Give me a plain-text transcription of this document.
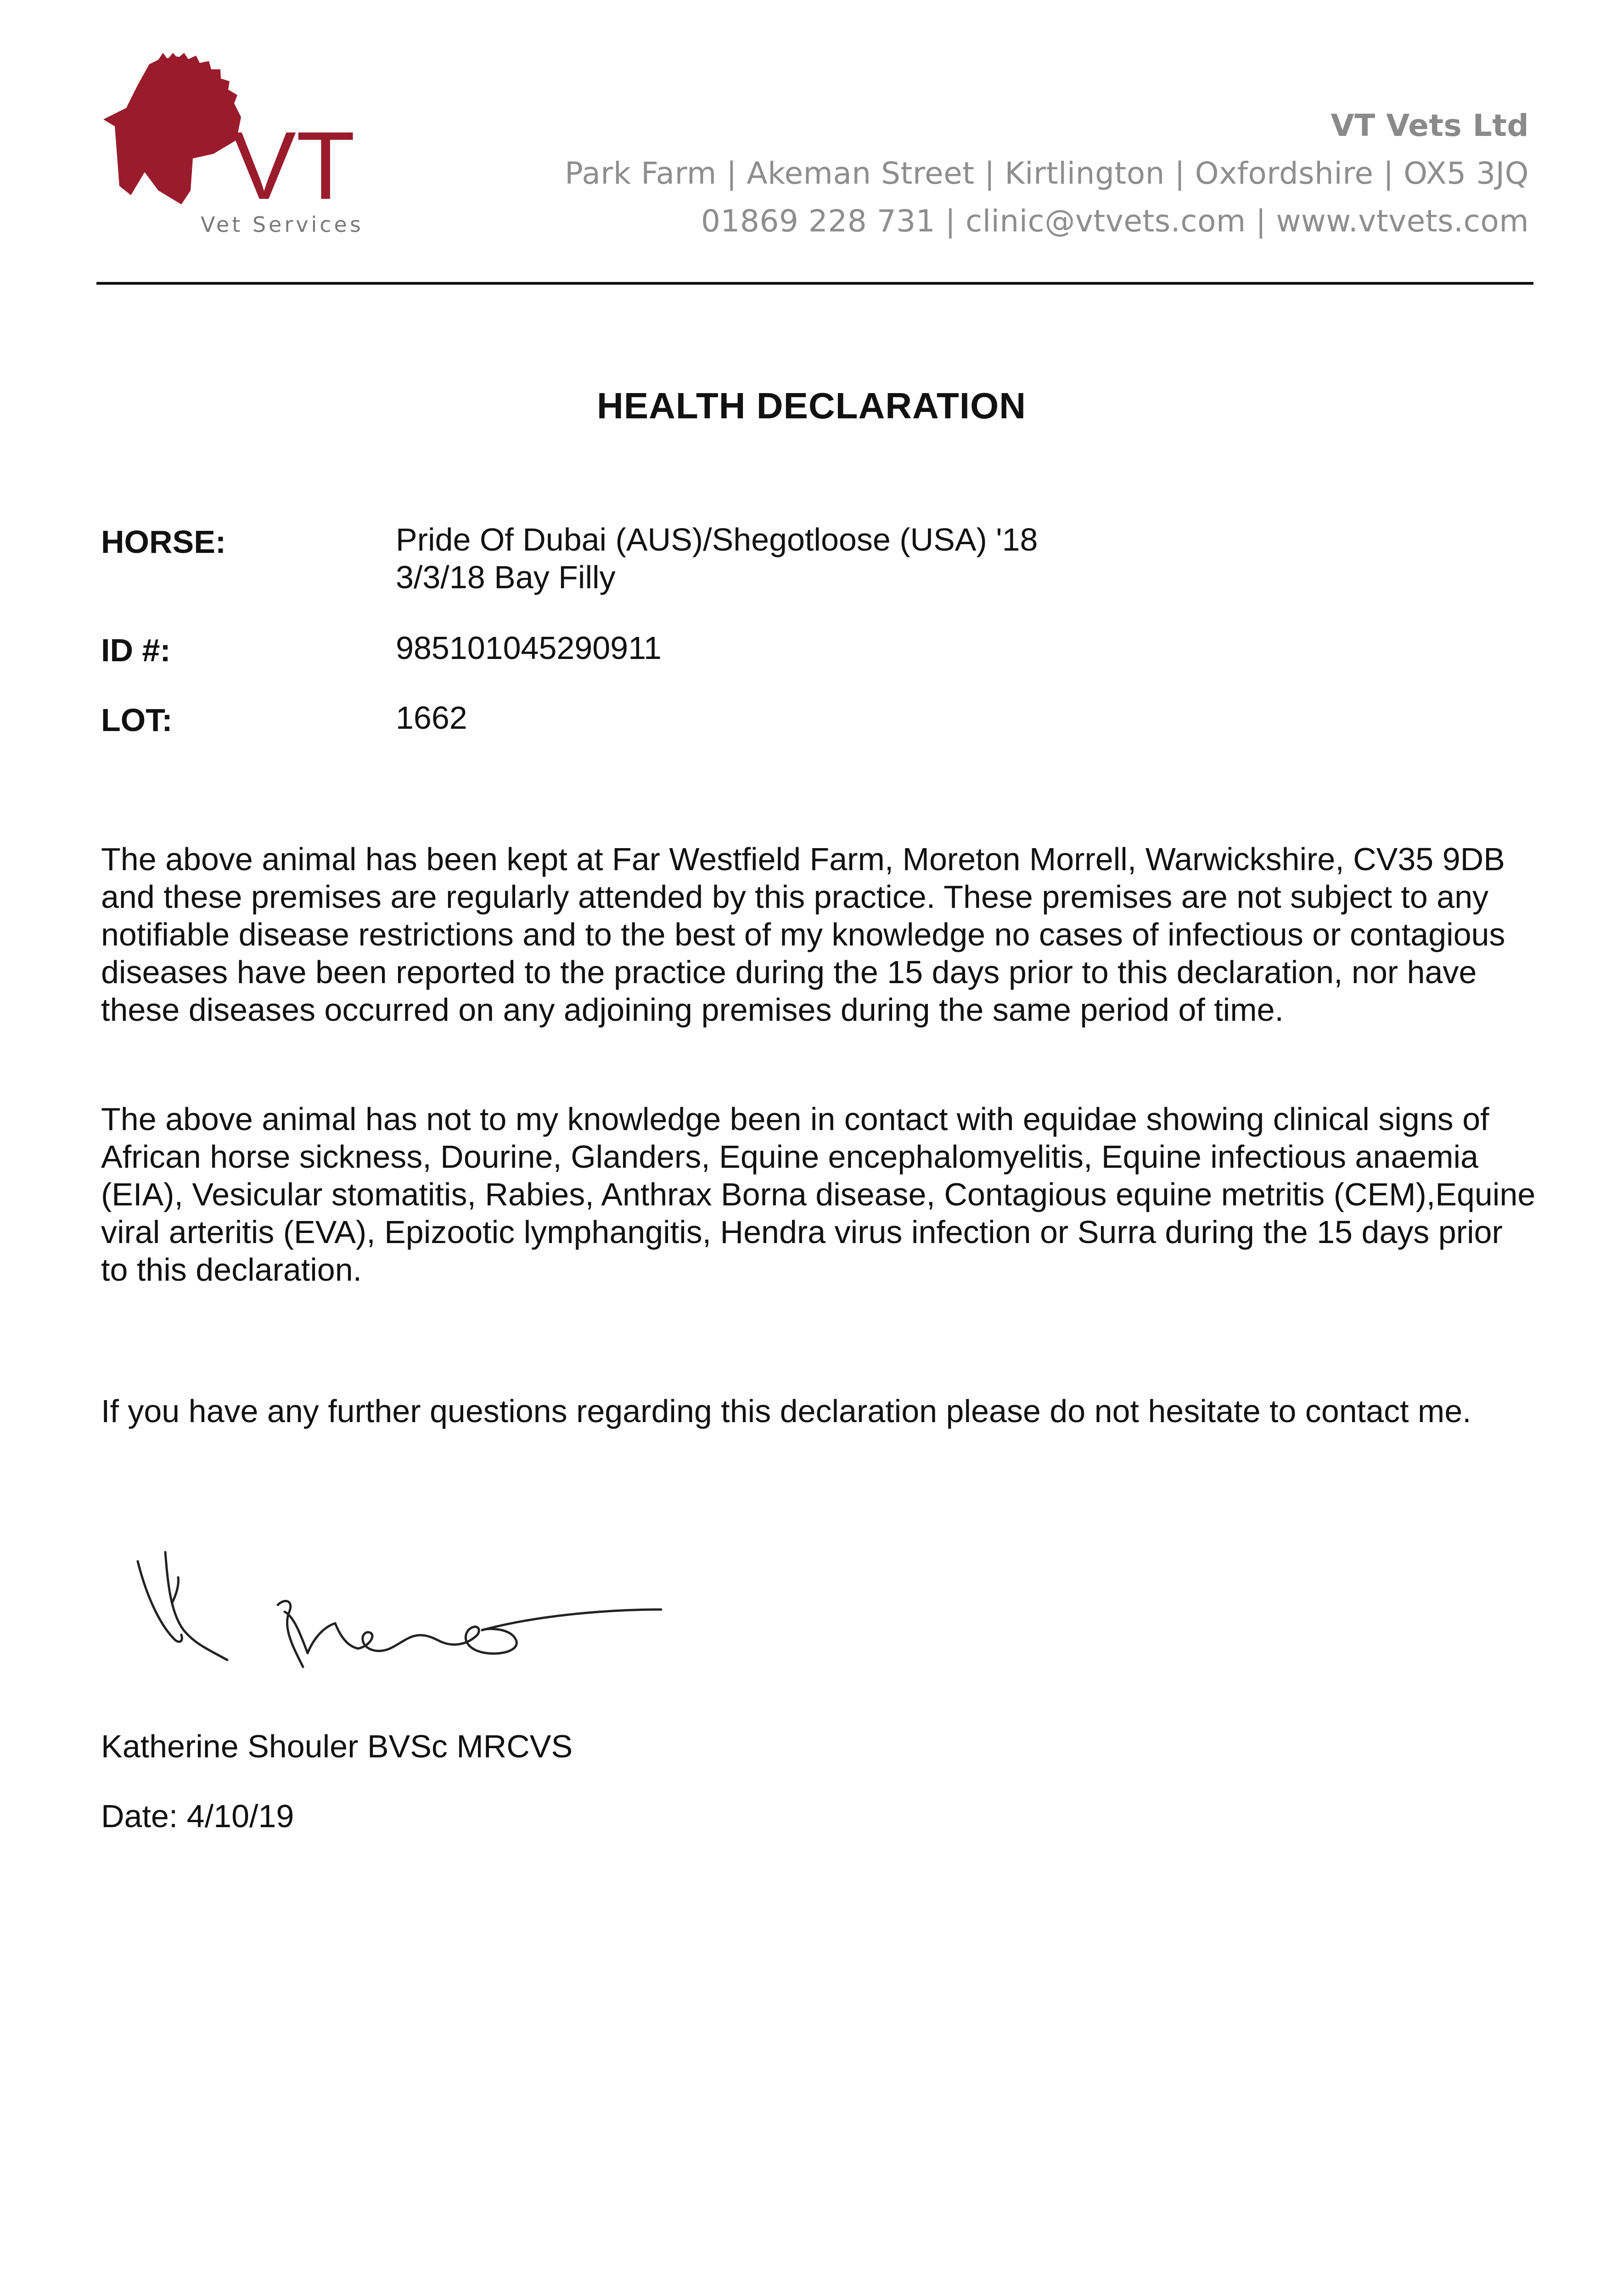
VT
Vet Services
VT Vets Ltd
Park Farm | Akeman Street | Kirtlington | Oxfordshire | OX5 3JQ
01869 228 731 | clinic@vtvets.com | www.vtvets.com
HEALTH DECLARATION
HORSE:	Pride Of Dubai (AUS)/Shegotloose (USA) '18
3/3/18 Bay Filly
ID #:	985101045290911
LOT:	1662
The above animal has been kept at Far Westfield Farm, Moreton Morrell, Warwickshire, CV35 9DB and these premises are regularly attended by this practice. These premises are not subject to any notifiable disease restrictions and to the best of my knowledge no cases of infectious or contagious diseases have been reported to the practice during the 15 days prior to this declaration, nor have these diseases occurred on any adjoining premises during the same period of time.
The above animal has not to my knowledge been in contact with equidae showing clinical signs of African horse sickness, Dourine, Glanders, Equine encephalomyelitis, Equine infectious anaemia (EIA), Vesicular stomatitis, Rabies, Anthrax Borna disease, Contagious equine metritis (CEM),Equine viral arteritis (EVA), Epizootic lymphangitis, Hendra virus infection or Surra during the 15 days prior to this declaration.
If you have any further questions regarding this declaration please do not hesitate to contact me.
Katherine Shouler BVSc MRCVS
Date: 4/10/19
